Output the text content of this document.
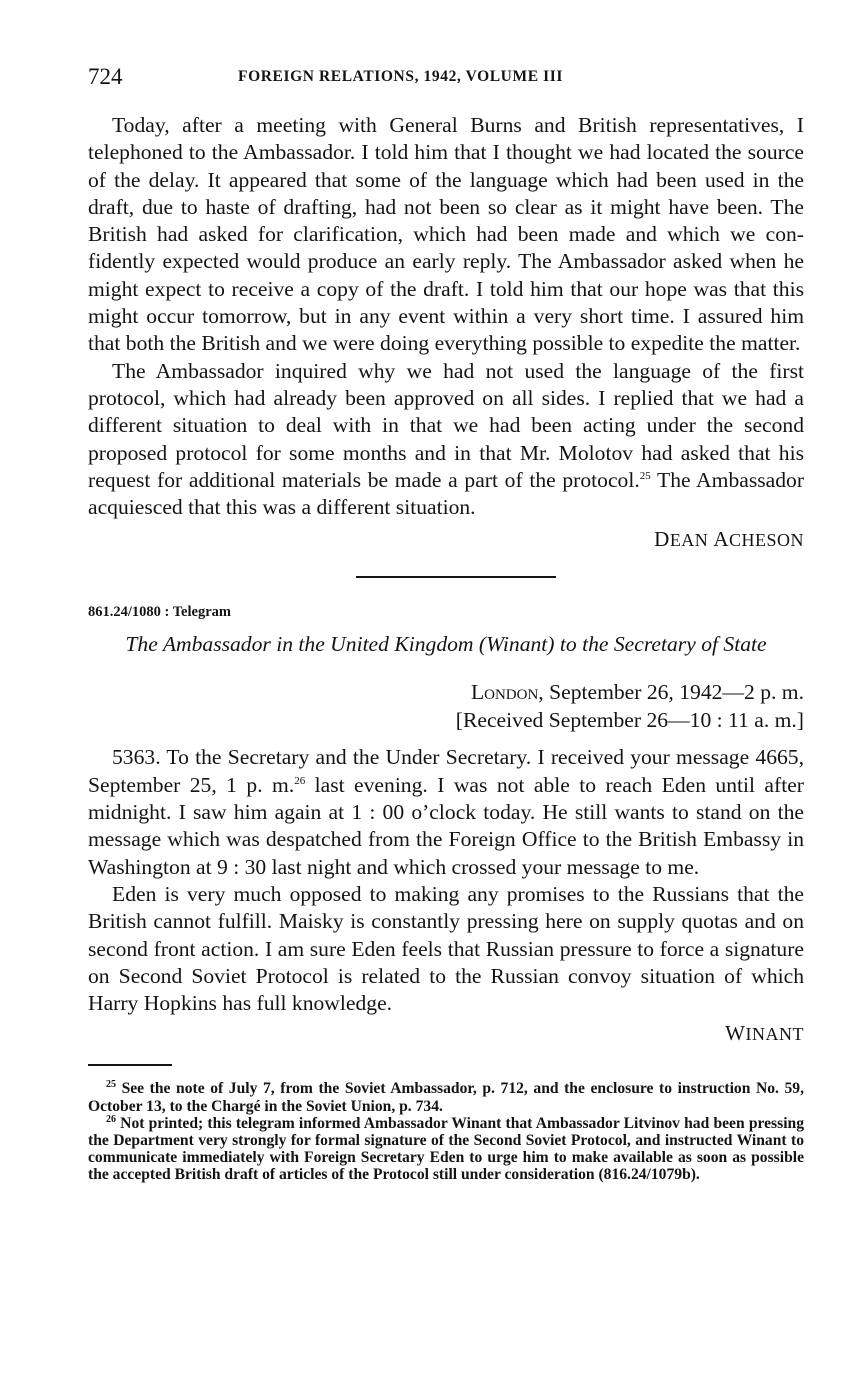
724	FOREIGN RELATIONS, 1942, VOLUME III

Today, after a meeting with General Burns and British representatives, I telephoned to the Ambassador. I told him that I thought we had located the source of the delay. It appeared that some of the language which had been used in the draft, due to haste of drafting, had not been so clear as it might have been. The British had asked for clarification, which had been made and which we confidently expected would produce an early reply. The Ambassador asked when he might expect to receive a copy of the draft. I told him that our hope was that this might occur tomorrow, but in any event within a very short time. I assured him that both the British and we were doing everything possible to expedite the matter.

The Ambassador inquired why we had not used the language of the first protocol, which had already been approved on all sides. I replied that we had a different situation to deal with in that we had been acting under the second proposed protocol for some months and in that Mr. Molotov had asked that his request for additional materials be made a part of the protocol.$^{25}$ The Ambassador acquiesced that this was a different situation.

DEAN ACHESON
861.24/1080 : Telegram
The Ambassador in the United Kingdom (Winant) to the Secretary of State
London, September 26, 1942—2 p. m.
[Received September 26—10 : 11 a. m.]

5363. To the Secretary and the Under Secretary. I received your message 4665, September 25, 1 p. m.$^{26}$ last evening. I was not able to reach Eden until after midnight. I saw him again at 1 : 00 o’clock today. He still wants to stand on the message which was despatched from the Foreign Office to the British Embassy in Washington at 9 : 30 last night and which crossed your message to me.

Eden is very much opposed to making any promises to the Russians that the British cannot fulfill. Maisky is constantly pressing here on supply quotas and on second front action. I am sure Eden feels that Russian pressure to force a signature on Second Soviet Protocol is related to the Russian convoy situation of which Harry Hopkins has full knowledge.

WINANT

$^{25}$ See the note of July 7, from the Soviet Ambassador, p. 712, and the enclosure to instruction No. 59, October 13, to the Chargé in the Soviet Union, p. 734.

$^{26}$ Not printed; this telegram informed Ambassador Winant that Ambassador Litvinov had been pressing the Department very strongly for formal signature of the Second Soviet Protocol, and instructed Winant to communicate immediately with Foreign Secretary Eden to urge him to make available as soon as possible the accepted British draft of articles of the Protocol still under consideration (816.24/1079b).
